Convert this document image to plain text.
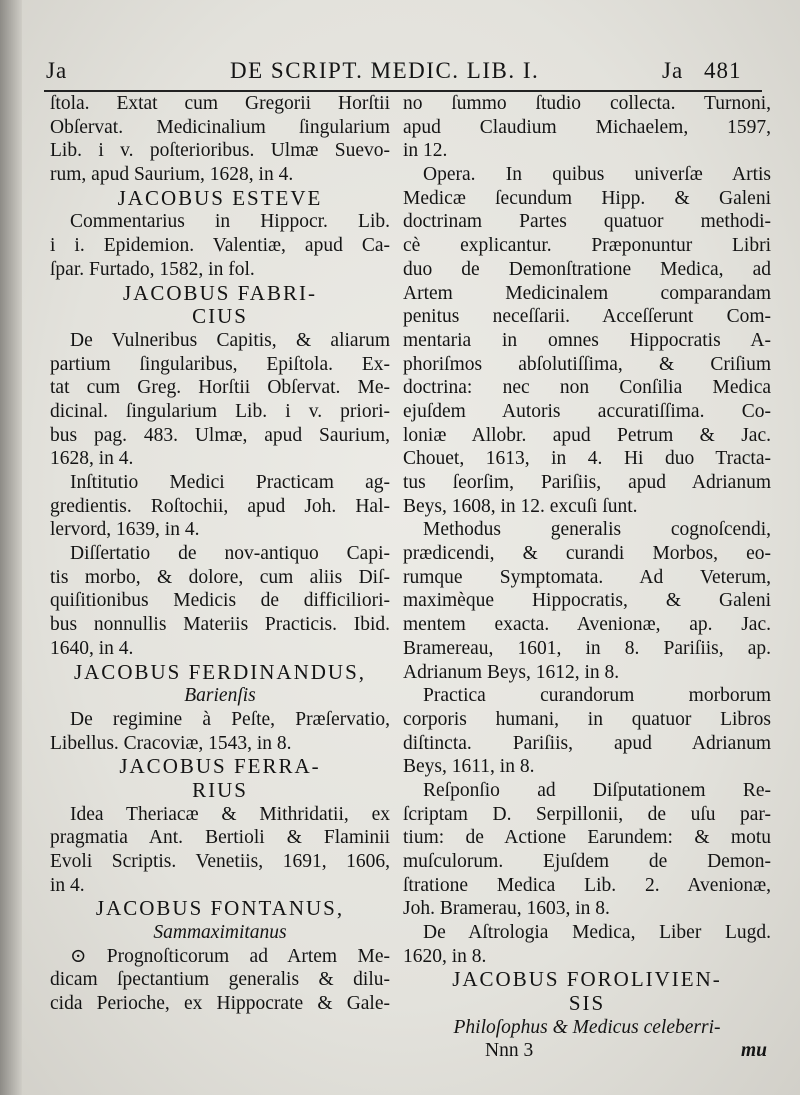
Ja	DE SCRIPT. MEDIC. LIB. I.	Ja 481
ſtola. Extat cum Gregorii Horſtii
Obſervat. Medicinalium ſingularium
Lib. i v. poſterioribus. Ulmæ Suevo-
rum, apud Saurium, 1628, in 4.
JACOBUS ESTEVE
Commentarius in Hippocr. Lib.
i i. Epidemion. Valentiæ, apud Ca-
ſpar. Furtado, 1582, in fol.
JACOBUS FABRI-
CIUS
De Vulneribus Capitis, & aliarum
partium ſingularibus, Epiſtola. Ex-
tat cum Greg. Horſtii Obſervat. Me-
dicinal. ſingularium Lib. i v. priori-
bus pag. 483. Ulmæ, apud Saurium,
1628, in 4.
Inſtitutio Medici Practicam ag-
gredientis. Roſtochii, apud Joh. Hal-
lervord, 1639, in 4.
Diſſertatio de nov-antiquo Capi-
tis morbo, & dolore, cum aliis Diſ-
quiſitionibus Medicis de difficiliori-
bus nonnullis Materiis Practicis. Ibid.
1640, in 4.
JACOBUS FERDINANDUS,
Barienſis
De regimine à Peſte, Præſervatio,
Libellus. Cracoviæ, 1543, in 8.
JACOBUS FERRA-
RIUS
Idea Theriacæ & Mithridatii, ex
pragmatia Ant. Bertioli & Flaminii
Evoli Scriptis. Venetiis, 1691, 1606,
in 4.
JACOBUS FONTANUS,
Sammaximitanus
⊙ Prognoſticorum ad Artem Me-
dicam ſpectantium generalis & dilu-
cida Perioche, ex Hippocrate & Gale-
no ſummo ſtudio collecta. Turnoni,
apud Claudium Michaelem, 1597,
in 12.
Opera. In quibus univerſæ Artis
Medicæ ſecundum Hipp. & Galeni
doctrinam Partes quatuor methodi-
cè explicantur. Præponuntur Libri
duo de Demonſtratione Medica, ad
Artem Medicinalem comparandam
penitus neceſſarii. Acceſſerunt Com-
mentaria in omnes Hippocratis A-
phoriſmos abſolutiſſima, & Criſium
doctrina: nec non Conſilia Medica
ejuſdem Autoris accuratiſſima. Co-
loniæ Allobr. apud Petrum & Jac.
Chouet, 1613, in 4. Hi duo Tracta-
tus ſeorſim, Pariſiis, apud Adrianum
Beys, 1608, in 12. excuſi ſunt.
Methodus generalis cognoſcendi,
prædicendi, & curandi Morbos, eo-
rumque Symptomata. Ad Veterum,
maximèque Hippocratis, & Galeni
mentem exacta. Avenionæ, ap. Jac.
Bramereau, 1601, in 8. Pariſiis, ap.
Adrianum Beys, 1612, in 8.
Practica curandorum morborum
corporis humani, in quatuor Libros
diſtincta. Pariſiis, apud Adrianum
Beys, 1611, in 8.
Reſponſio ad Diſputationem Re-
ſcriptam D. Serpillonii, de uſu par-
tium: de Actione Earundem: & motu
muſculorum. Ejuſdem de Demon-
ſtratione Medica Lib. 2. Avenionæ,
Joh. Bramerau, 1603, in 8.
De Aſtrologia Medica, Liber Lugd.
1620, in 8.
JACOBUS FOROLIVIEN-
SIS
Philoſophus & Medicus celeberri-
Nnn 3	mu
